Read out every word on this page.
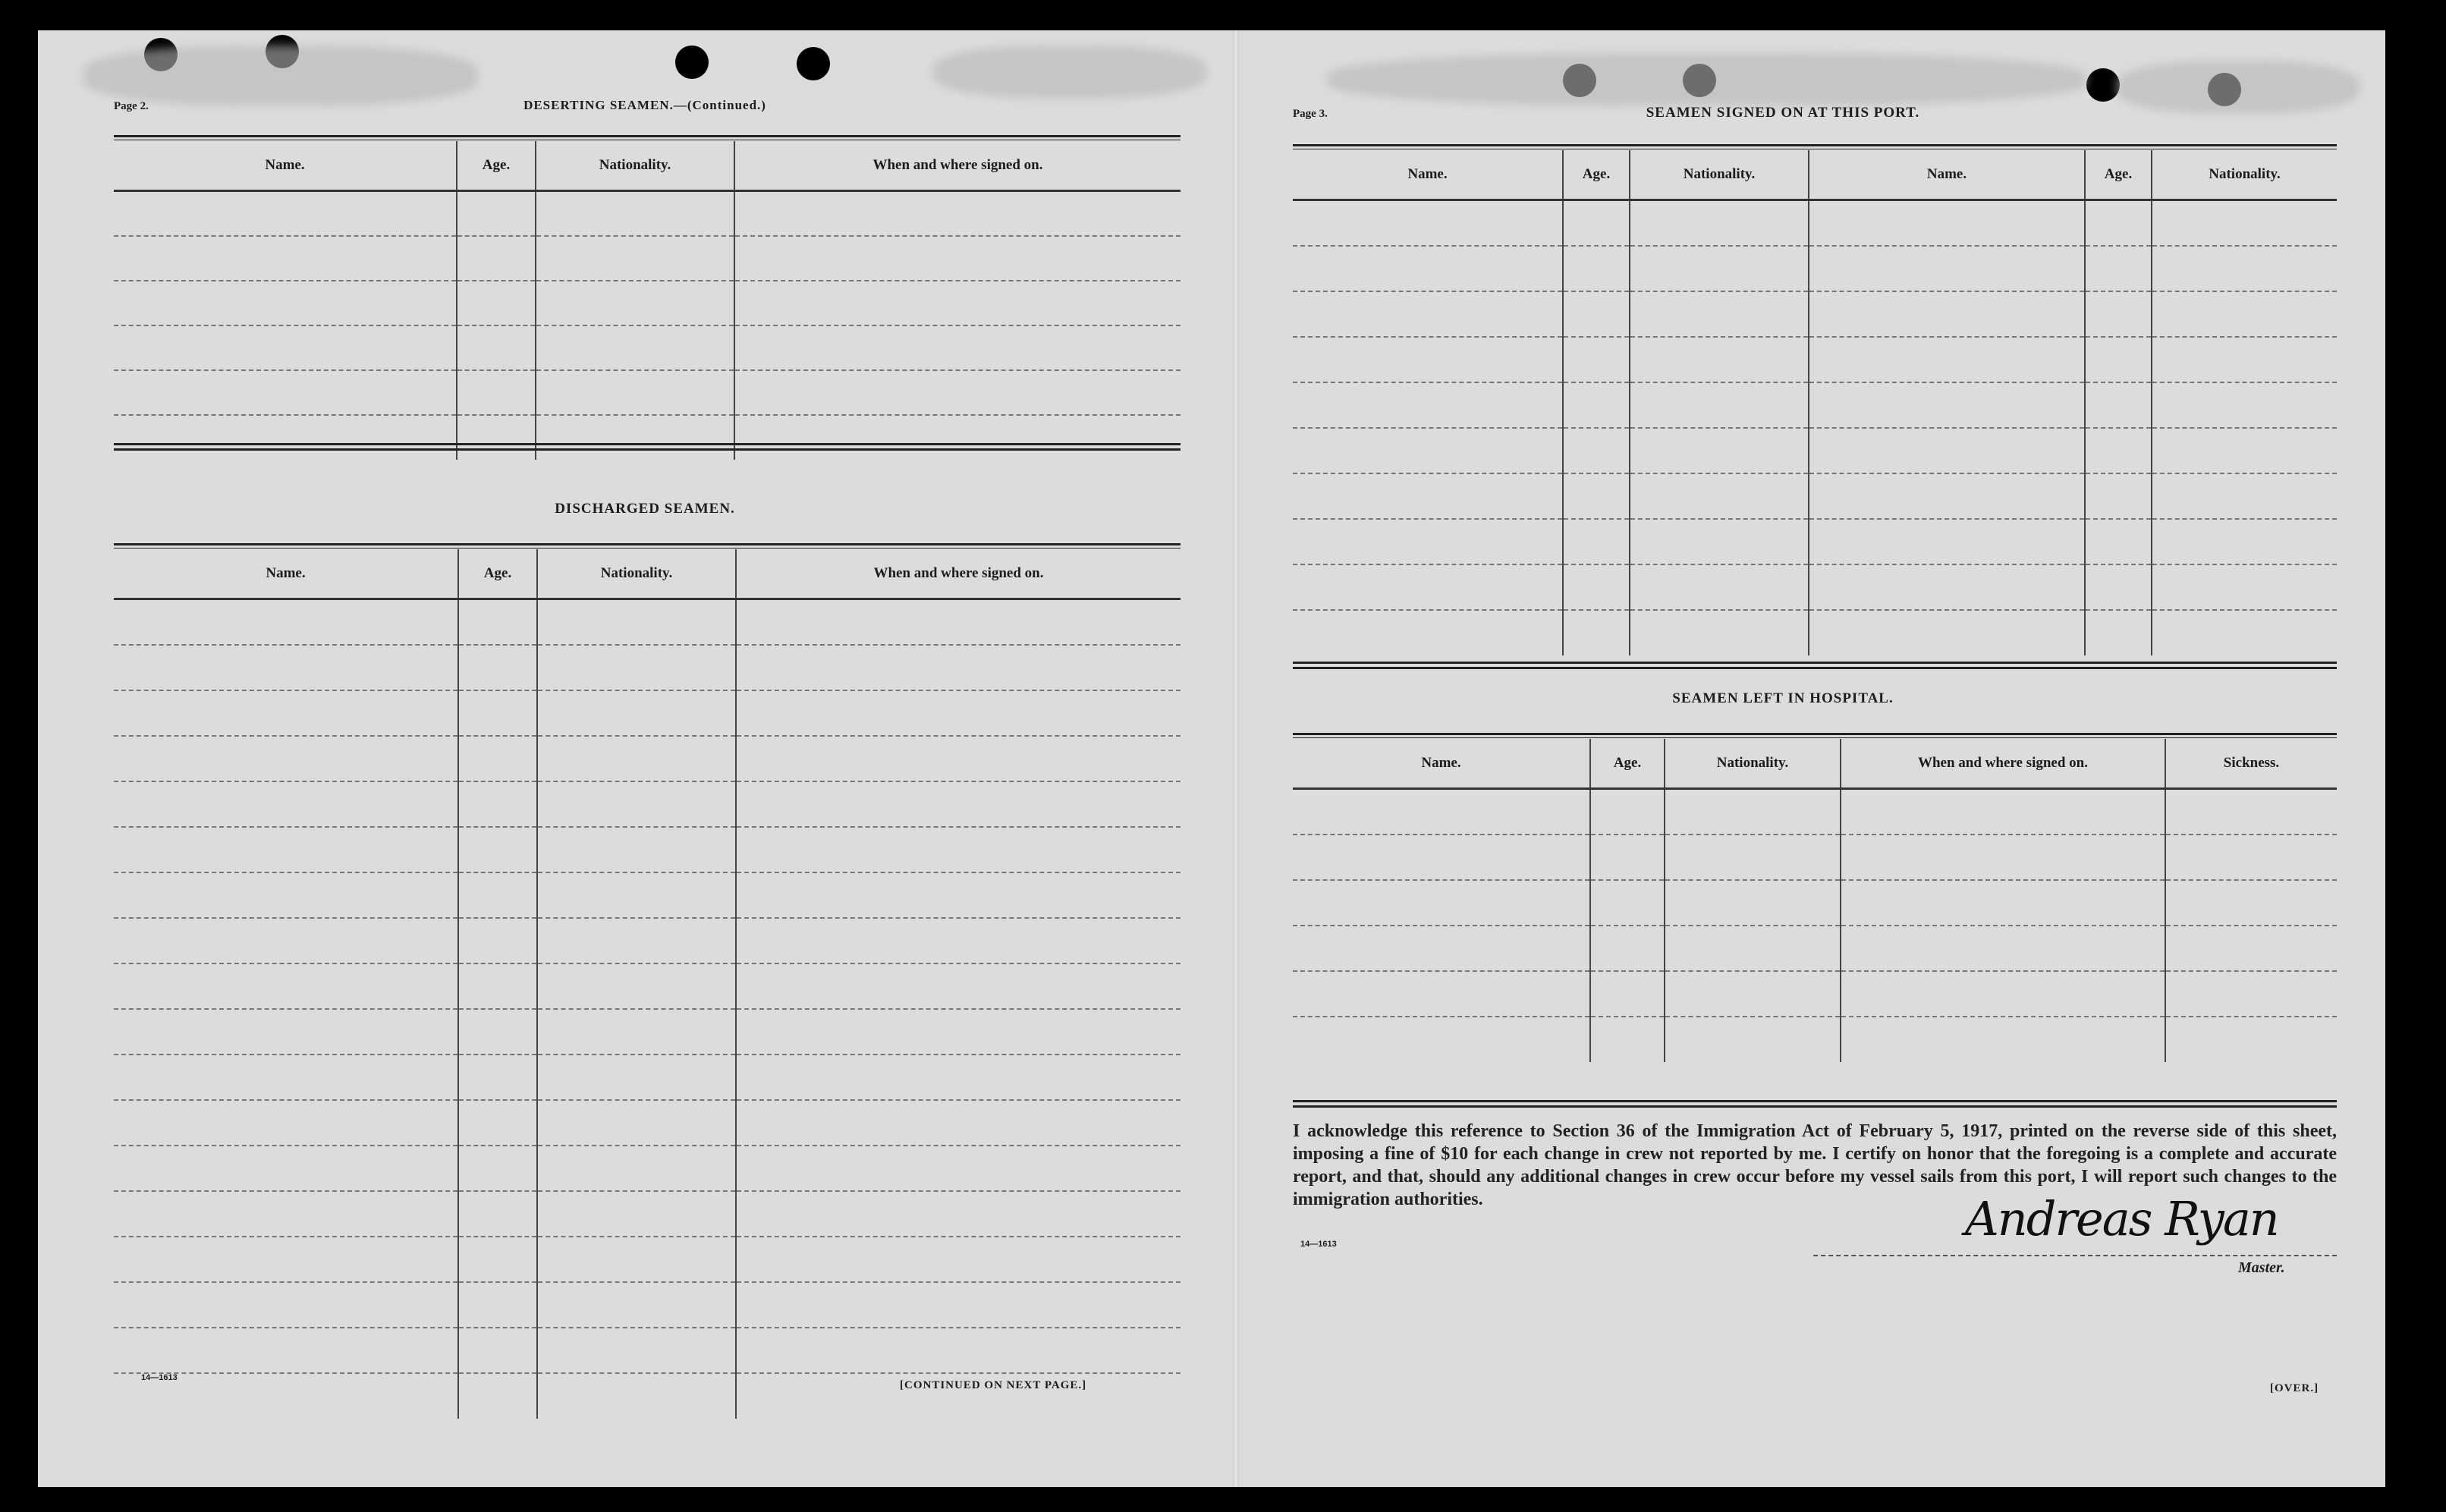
Page 2.	DESERTING SEAMEN.—(Continued.)
Name.	Age.	Nationality.	When and where signed on.

DISCHARGED SEAMEN.
Name.	Age.	Nationality.	When and where signed on.

14—1613
[CONTINUED ON NEXT PAGE.]
Page 3.	SEAMEN SIGNED ON AT THIS PORT.
Name.	Age.	Nationality.	Name.	Age.	Nationality.

SEAMEN LEFT IN HOSPITAL.
Name.	Age.	Nationality.	When and where signed on.	Sickness.

I acknowledge this reference to Section 36 of the Immigration Act of February 5, 1917, printed on the reverse side of this sheet, imposing a fine of $10 for each change in crew not reported by me. I certify on honor that the foregoing is a complete and accurate report, and that, should any additional changes in crew occur before my vessel sails from this port, I will report such changes to the immigration authorities.
14—1613	Andreas Ryan
Master.
[OVER.]
